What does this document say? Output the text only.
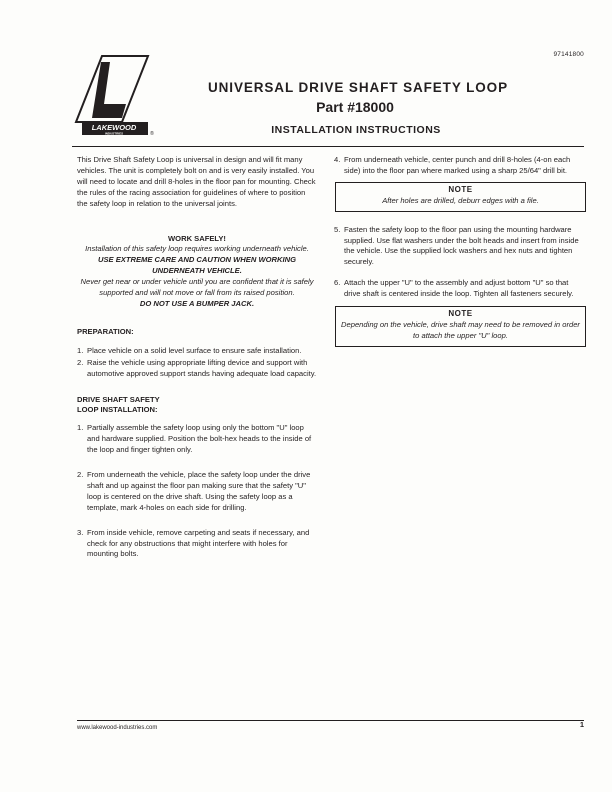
97141800
LAKEWOOD
INDUSTRIES	®
UNIVERSAL DRIVE SHAFT SAFETY LOOP
Part #18000
INSTALLATION INSTRUCTIONS

This Drive Shaft Safety Loop is universal in design and will fit many vehicles. The unit is completely bolt on and is very easily installed. You will need to locate and drill 8-holes in the floor pan for mounting. Check the rules of the racing association for guidelines of where to position the safety loop in relation to the universal joints.

WORK SAFELY!

Installation of this safety loop requires working underneath vehicle.

USE EXTREME CARE AND CAUTION WHEN WORKING UNDERNEATH VEHICLE.

Never get near or under vehicle until you are confident that it is safely supported and will not move or fall from its raised position.

DO NOT USE A BUMPER JACK.

PREPARATION:

1. Place vehicle on a solid level surface to ensure safe installation.
2. Raise the vehicle using appropriate lifting device and support with automotive approved support stands having adequate load capacity.

DRIVE SHAFT SAFETY LOOP INSTALLATION:

1. Partially assemble the safety loop using only the bottom "U" loop and hardware supplied. Position the bolt-hex heads to the inside of the loop and finger tighten only.
2. From underneath the vehicle, place the safety loop under the drive shaft and up against the floor pan making sure that the safety "U" loop is centered on the drive shaft. Using the safety loop as a template, mark 4-holes on each side for drilling.
3. From inside vehicle, remove carpeting and seats if necessary, and check for any obstructions that might interfere with holes for mounting bolts.
4. From underneath vehicle, center punch and drill 8-holes (4-on each side) into the floor pan where marked using a sharp 25/64" drill bit.
NOTE
After holes are drilled, deburr edges with a file.
5. Fasten the safety loop to the floor pan using the mounting hardware supplied. Use flat washers under the bolt heads and insert from inside the vehicle. Use the supplied lock washers and hex nuts and tighten securely.
6. Attach the upper "U" to the assembly and adjust bottom "U" so that drive shaft is centered inside the loop. Tighten all fasteners securely.
NOTE
Depending on the vehicle, drive shaft may need to be removed in order to attach the upper "U" loop.
www.lakewood-industries.com	1
